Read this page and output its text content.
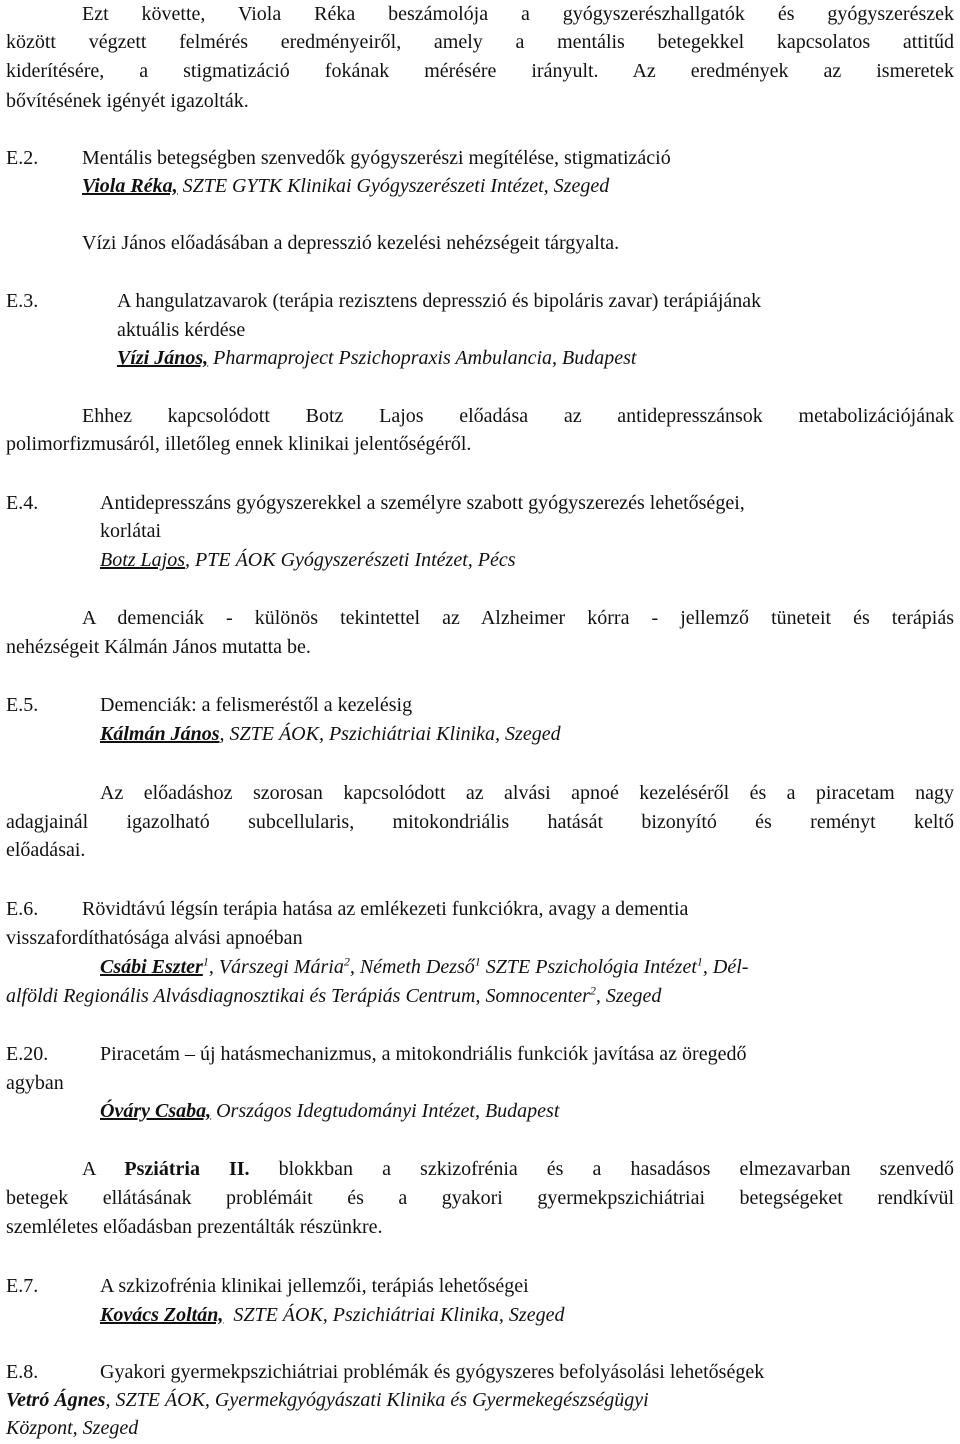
Ezt követte, Viola Réka beszámolója a gyógyszerészhallgatók és gyógyszerészek
között végzett felmérés eredményeiről, amely a mentális betegekkel kapcsolatos attitűd
kiderítésére, a stigmatizáció fokának mérésére irányult. Az eredmények az ismeretek
bővítésének igényét igazolták.
E.2. Mentális betegségben szenvedők gyógyszerészi megítélése, stigmatizáció
Viola Réka, SZTE GYTK Klinikai Gyógyszerészeti Intézet, Szeged
Vízi János előadásában a depresszió kezelési nehézségeit tárgyalta.
E.3.	A hangulatzavarok (terápia rezisztens depresszió és bipoláris zavar) terápiájának
aktuális kérdése
Vízi János, Pharmaproject Pszichopraxis Ambulancia, Budapest
Ehhez kapcsolódott Botz Lajos előadása az antidepresszánsok metabolizációjának
polimorfizmusáról, illetőleg ennek klinikai jelentőségéről.
E.4.	Antidepresszáns gyógyszerekkel a személyre szabott gyógyszerezés lehetőségei,
korlátai
Botz Lajos, PTE ÁOK Gyógyszerészeti Intézet, Pécs
A demenciák - különös tekintettel az Alzheimer kórra - jellemző tüneteit és terápiás
nehézségeit Kálmán János mutatta be.
E.5.	Demenciák: a felismeréstől a kezelésig
Kálmán János, SZTE ÁOK, Pszichiátriai Klinika, Szeged
Az előadáshoz szorosan kapcsolódott az alvási apnoé kezeléséről és a piracetam nagy
adagjainál igazolható subcellularis, mitokondriális hatását bizonyító és reményt keltő
előadásai.
E.6. Rövidtávú légsín terápia hatása az emlékezeti funkciókra, avagy a dementia
visszafordíthatósága alvási apnoéban
Csábi Eszter$^1$, Várszegi Mária$^2$, Németh Dezső$^1$ SZTE Pszichológia Intézet$^1$, Dél-
alföldi Regionális Alvásdiagnosztikai és Terápiás Centrum, Somnocenter$^2$, Szeged
E.20.	Piracetám – új hatásmechanizmus, a mitokondriális funkciók javítása az öregedő
agyban
Óváry Csaba, Országos Idegtudományi Intézet, Budapest
A Psziátria II. blokkban a szkizofrénia és a hasadásos elmezavarban szenvedő
betegek ellátásának problémáit és a gyakori gyermekpszichiátriai betegségeket rendkívül
szemléletes előadásban prezentálták részünkre.
E.7.	A szkizofrénia klinikai jellemzői, terápiás lehetőségei
Kovács Zoltán,  SZTE ÁOK, Pszichiátriai Klinika, Szeged
E.8.	Gyakori gyermekpszichiátriai problémák és gyógyszeres befolyásolási lehetőségek
Vetró Ágnes, SZTE ÁOK, Gyermekgyógyászati Klinika és Gyermekegészségügyi
Központ, Szeged
